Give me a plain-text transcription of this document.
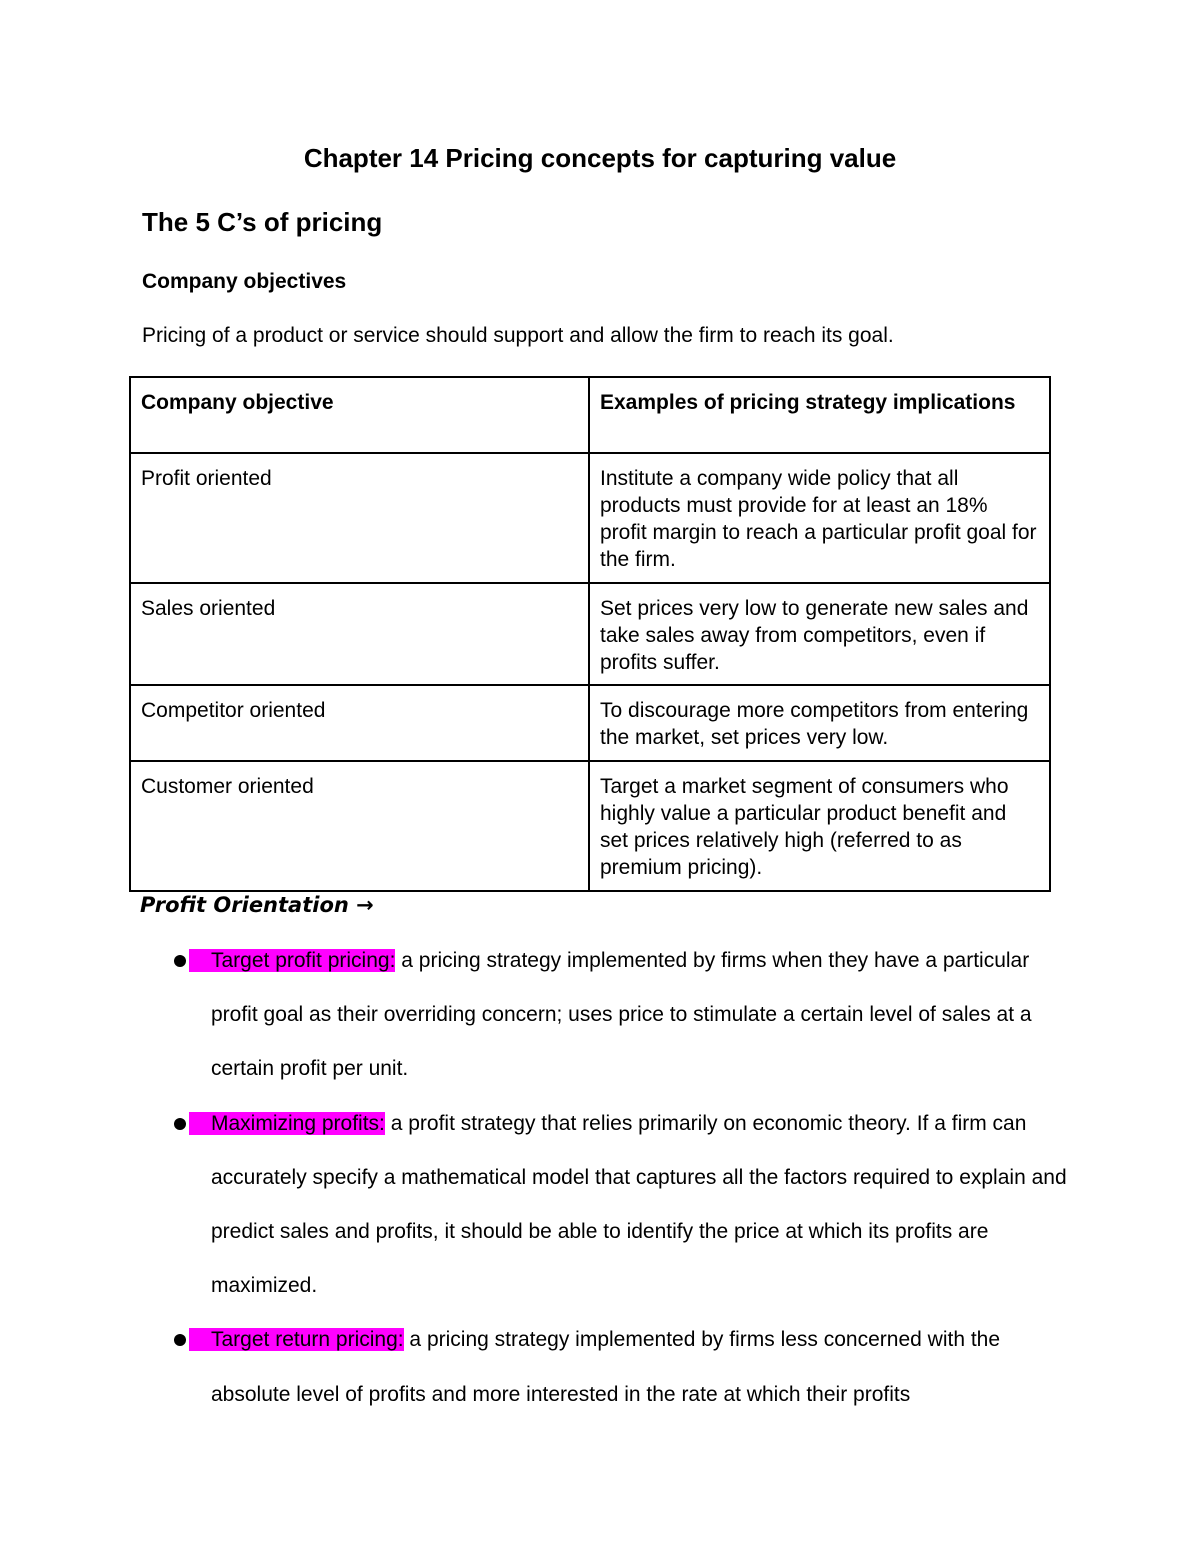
Chapter 14 Pricing concepts for capturing value
The 5 C’s of pricing
Company objectives
Pricing of a product or service should support and allow the firm to reach its goal.
Company objective	Examples of pricing strategy implications
Profit oriented	Institute a company wide policy that all products must provide for at least an 18% profit margin to reach a particular profit goal for the firm.
Sales oriented	Set prices very low to generate new sales and take sales away from competitors, even if profits suffer.
Competitor oriented	To discourage more competitors from entering the market, set prices very low.
Customer oriented	Target a market segment of consumers who highly value a particular product benefit and set prices relatively high (referred to as premium pricing).
Profit Orientation →
Target profit pricing: a pricing strategy implemented by firms when they have a particular profit goal as their overriding concern; uses price to stimulate a certain level of sales at a certain profit per unit.
Maximizing profits: a profit strategy that relies primarily on economic theory. If a firm can accurately specify a mathematical model that captures all the factors required to explain and predict sales and profits, it should be able to identify the price at which its profits are maximized.
Target return pricing: a pricing strategy implemented by firms less concerned with the absolute level of profits and more interested in the rate at which their profits
